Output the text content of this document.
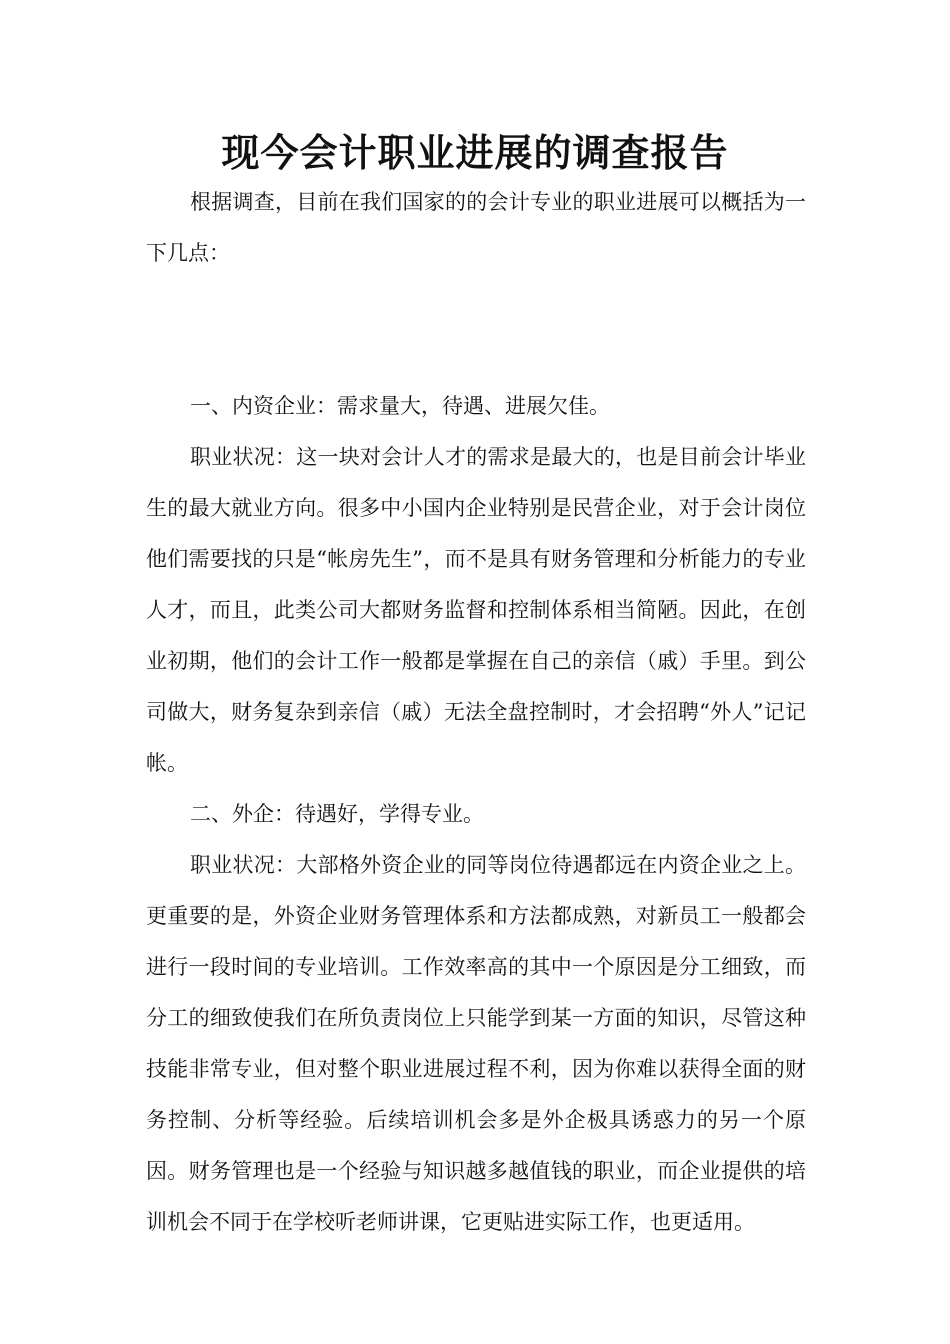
现今会计职业进展的调查报告

根据调查，目前在我们国家的的会计专业的职业进展可以概括为一下几点：

一、内资企业：需求量大，待遇、进展欠佳。

职业状况：这一块对会计人才的需求是最大的，也是目前会计毕业生的最大就业方向。很多中小国内企业特别是民营企业，对于会计岗位他们需要找的只是“帐房先生”，而不是具有财务管理和分析能力的专业人才，而且，此类公司大都财务监督和控制体系相当简陋。因此，在创业初期，他们的会计工作一般都是掌握在自己的亲信（戚）手里。到公司做大，财务复杂到亲信（戚）无法全盘控制时，才会招聘“外人”记记帐。

二、外企：待遇好，学得专业。

职业状况：大部格外资企业的同等岗位待遇都远在内资企业之上。更重要的是，外资企业财务管理体系和方法都成熟，对新员工一般都会进行一段时间的专业培训。工作效率高的其中一个原因是分工细致，而分工的细致使我们在所负责岗位上只能学到某一方面的知识，尽管这种技能非常专业，但对整个职业进展过程不利，因为你难以获得全面的财务控制、分析等经验。后续培训机会多是外企极具诱惑力的另一个原因。财务管理也是一个经验与知识越多越值钱的职业，而企业提供的培训机会不同于在学校听老师讲课，它更贴进实际工作，也更适用。
